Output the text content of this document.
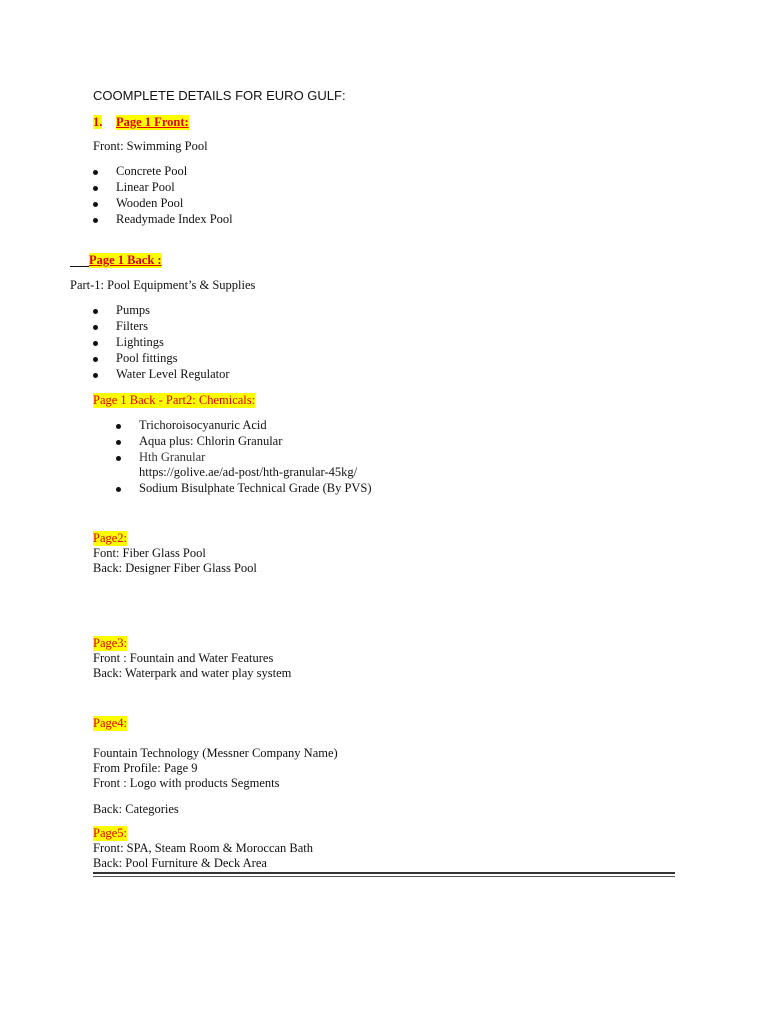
COOMPLETE DETAILS FOR EURO GULF:
1. Page 1 Front:
Front: Swimming Pool
Concrete Pool
Linear Pool
Wooden Pool
Readymade Index Pool
Page 1 Back :
Part-1: Pool Equipment’s & Supplies
Pumps
Filters
Lightings
Pool fittings
Water Level Regulator
Page 1 Back - Part2: Chemicals:
Trichoroisocyanuric Acid
Aqua plus: Chlorin Granular
Hth Granular
https://golive.ae/ad-post/hth-granular-45kg/
Sodium Bisulphate Technical Grade (By PVS)
Page2:
Font: Fiber Glass Pool
Back: Designer Fiber Glass Pool
Page3:
Front : Fountain and Water Features
Back: Waterpark and water play system
Page4:
Fountain Technology (Messner Company Name)
From Profile: Page 9
Front : Logo with products Segments
Back: Categories
Page5:
Front: SPA, Steam Room & Moroccan Bath
Back: Pool Furniture & Deck Area
